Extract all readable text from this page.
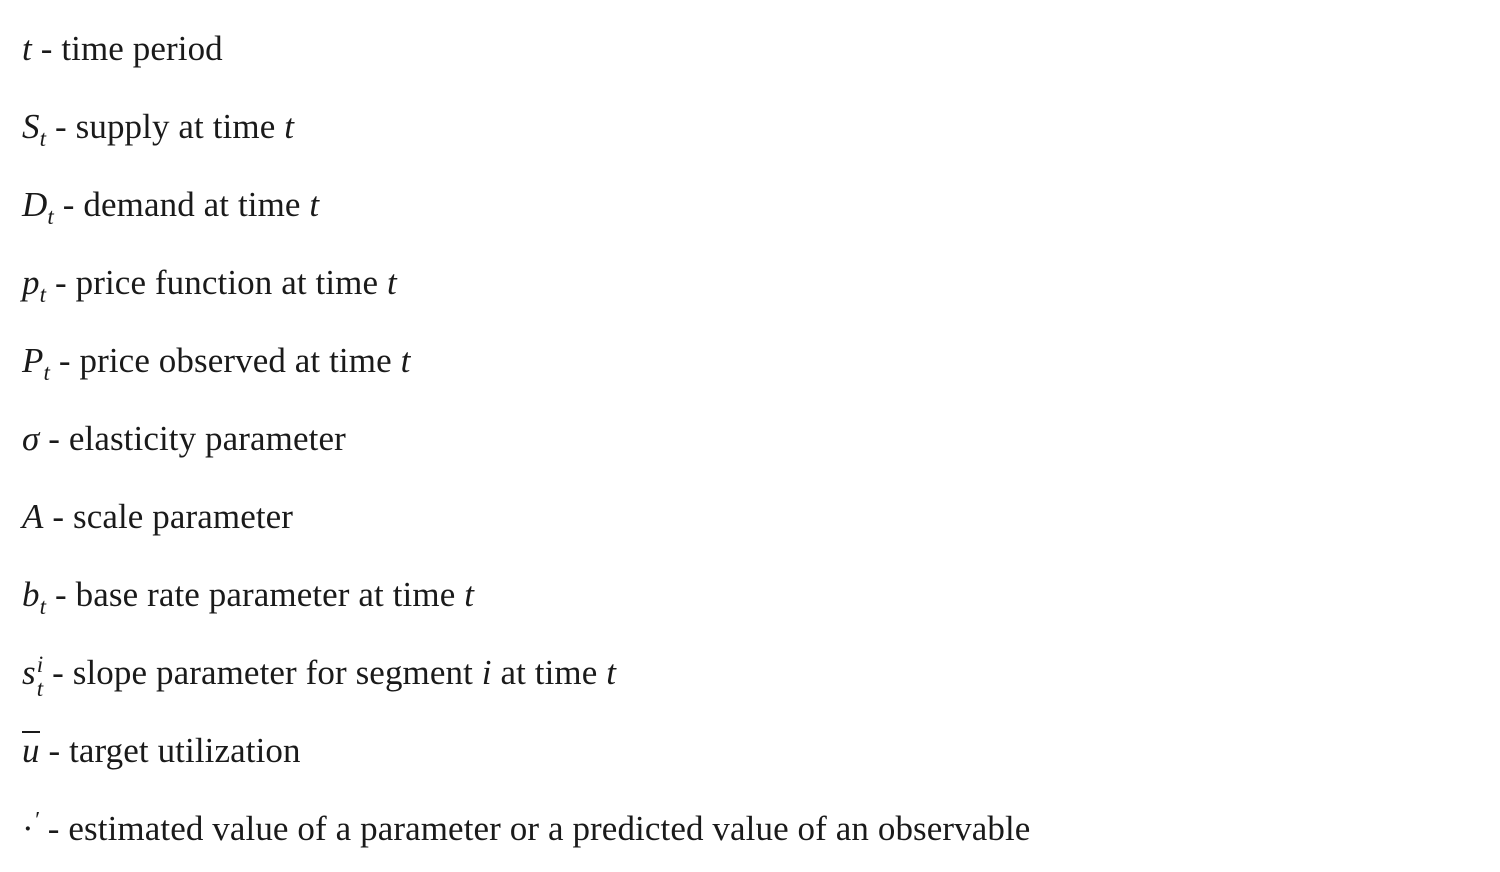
t - time period
$S_t$ - supply at time t
$D_t$ - demand at time t
$p_t$ - price function at time t
$P_t$ - price observed at time t
σ - elasticity parameter
A - scale parameter
$b_t$ - base rate parameter at time t
s i
t - slope parameter for segment i at time t
u - target utilization
·′ - estimated value of a parameter or a predicted value of an observable
